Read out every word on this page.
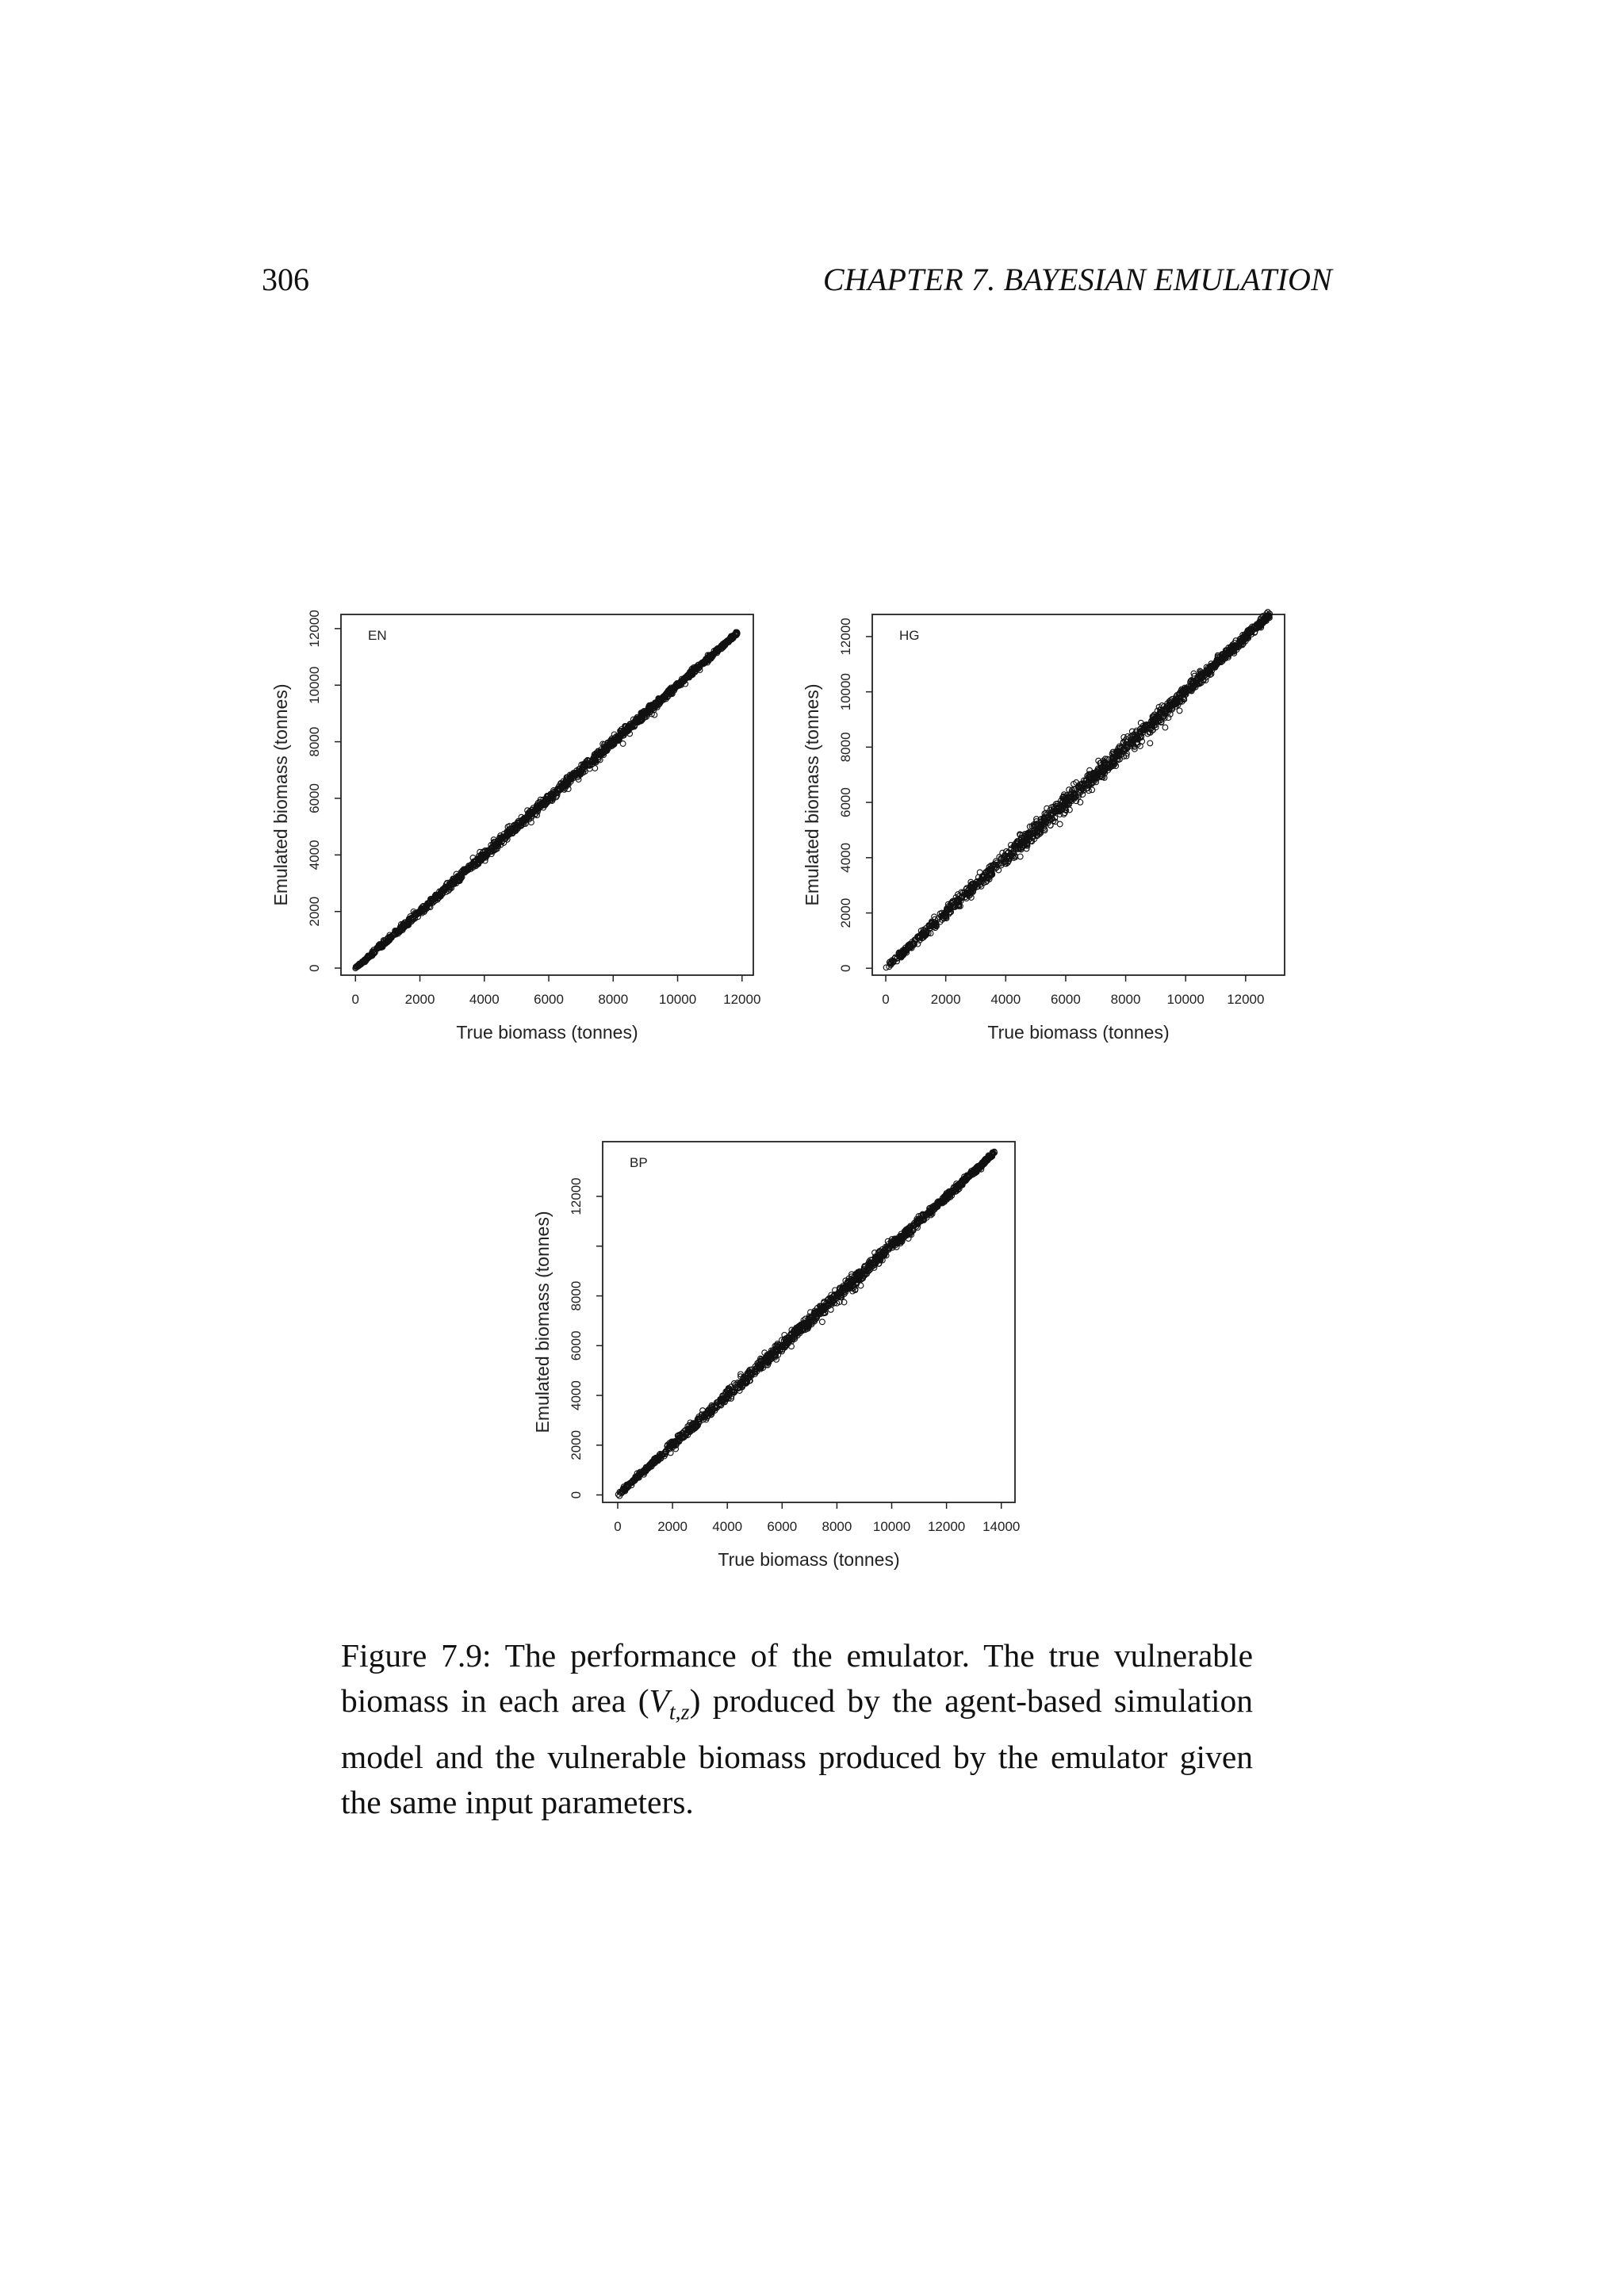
306	CHAPTER 7. BAYESIAN EMULATION
0	2000	4000	6000	8000 10000 12000
0
2000
4000
6000
8000
10000
12000
True biomass (tonnes)
Emulated biomass (tonnes)
EN
0	2000 4000 6000 8000 10000 12000
0
2000
4000
6000
8000
10000
12000
True biomass (tonnes)
Emulated biomass (tonnes)
HG
0	2000 4000 6000 8000 10000 12000 14000
0
2000
4000
6000
8000
12000
True biomass (tonnes)
Emulated biomass (tonnes)
BP
Figure 7.9: The performance of the emulator. The true vulnerable biomass in each area $(V_{t,z})$ produced by the agent-based simulation model and the vulnerable biomass produced by the emulator given the same input parameters.
